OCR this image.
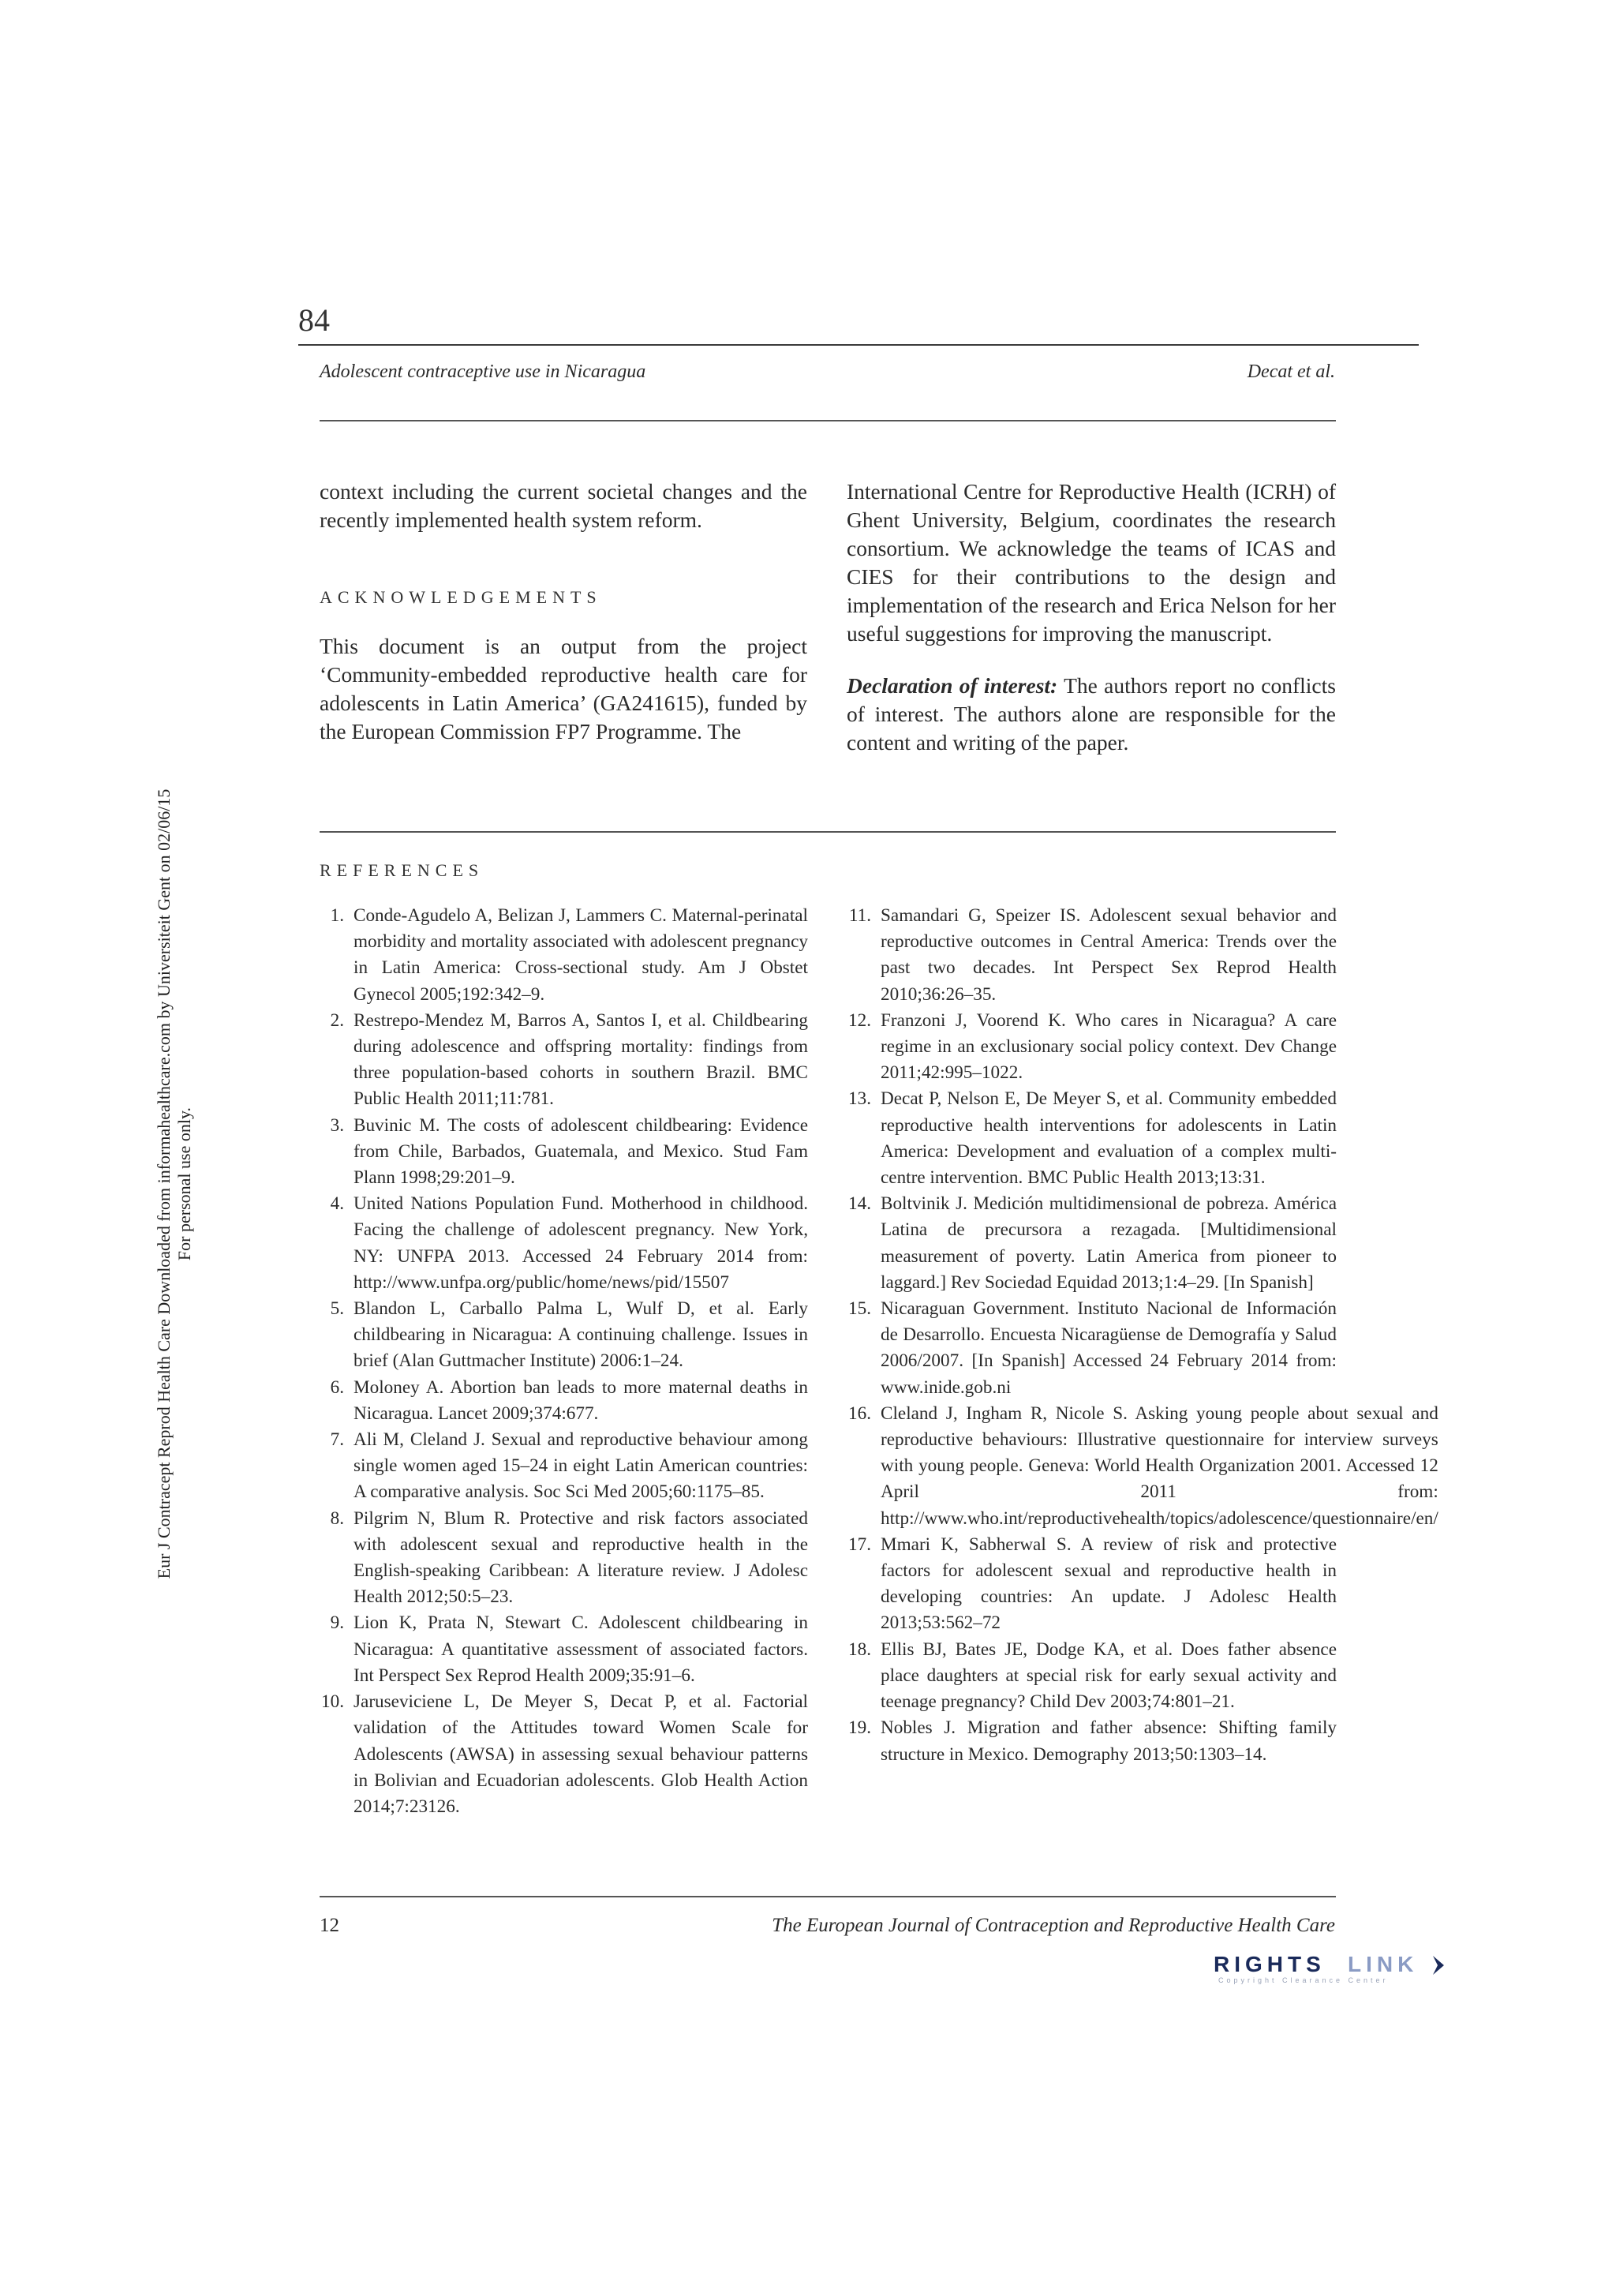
84
Adolescent contraceptive use in Nicaragua	Decat et al.
context including the current societal changes and the recently implemented health system reform.
ACKNOWLEDGEMENTS
This document is an output from the project ‘Community-embedded reproductive health care for adolescents in Latin America’ (GA241615), funded by the European Commission FP7 Programme. The
International Centre for Reproductive Health (ICRH) of Ghent University, Belgium, coordinates the research consortium. We acknowledge the teams of ICAS and CIES for their contributions to the design and implementation of the research and Erica Nelson for her useful suggestions for improving the manuscript.
Declaration of interest: The authors report no conflicts of interest. The authors alone are responsible for the content and writing of the paper.
REFERENCES
1. Conde-Agudelo A, Belizan J, Lammers C. Maternal-perinatal morbidity and mortality associated with adolescent pregnancy in Latin America: Cross-sectional study. Am J Obstet Gynecol 2005;192:342–9.
2. Restrepo-Mendez M, Barros A, Santos I, et al. Childbearing during adolescence and offspring mortality: findings from three population-based cohorts in southern Brazil. BMC Public Health 2011;11:781.
3. Buvinic M. The costs of adolescent childbearing: Evidence from Chile, Barbados, Guatemala, and Mexico. Stud Fam Plann 1998;29:201–9.
4. United Nations Population Fund. Motherhood in childhood. Facing the challenge of adolescent pregnancy. New York, NY: UNFPA 2013. Accessed 24 February 2014 from: http://www.unfpa.org/public/home/news/pid/15507
5. Blandon L, Carballo Palma L, Wulf D, et al. Early childbearing in Nicaragua: A continuing challenge. Issues in brief (Alan Guttmacher Institute) 2006:1–24.
6. Moloney A. Abortion ban leads to more maternal deaths in Nicaragua. Lancet 2009;374:677.
7. Ali M, Cleland J. Sexual and reproductive behaviour among single women aged 15–24 in eight Latin American countries: A comparative analysis. Soc Sci Med 2005;60:1175–85.
8. Pilgrim N, Blum R. Protective and risk factors associated with adolescent sexual and reproductive health in the English-speaking Caribbean: A literature review. J Adolesc Health 2012;50:5–23.
9. Lion K, Prata N, Stewart C. Adolescent childbearing in Nicaragua: A quantitative assessment of associated factors. Int Perspect Sex Reprod Health 2009;35:91–6.
10. Jaruseviciene L, De Meyer S, Decat P, et al. Factorial validation of the Attitudes toward Women Scale for Adolescents (AWSA) in assessing sexual behaviour patterns in Bolivian and Ecuadorian adolescents. Glob Health Action 2014;7:23126.
11. Samandari G, Speizer IS. Adolescent sexual behavior and reproductive outcomes in Central America: Trends over the past two decades. Int Perspect Sex Reprod Health 2010;36:26–35.
12. Franzoni J, Voorend K. Who cares in Nicaragua? A care regime in an exclusionary social policy context. Dev Change 2011;42:995–1022.
13. Decat P, Nelson E, De Meyer S, et al. Community embedded reproductive health interventions for adolescents in Latin America: Development and evaluation of a complex multi-centre intervention. BMC Public Health 2013;13:31.
14. Boltvinik J. Medición multidimensional de pobreza. América Latina de precursora a rezagada. [Multidimensional measurement of poverty. Latin America from pioneer to laggard.] Rev Sociedad Equidad 2013;1:4–29. [In Spanish]
15. Nicaraguan Government. Instituto Nacional de Información de Desarrollo. Encuesta Nicaragüense de Demografía y Salud 2006/2007. [In Spanish] Accessed 24 February 2014 from: www.inide.gob.ni
16. Cleland J, Ingham R, Nicole S. Asking young people about sexual and reproductive behaviours: Illustrative questionnaire for interview surveys with young people. Geneva: World Health Organization 2001. Accessed 12 April 2011 from: http://www.who.int/reproductivehealth/topics/adolescence/questionnaire/en/
17. Mmari K, Sabherwal S. A review of risk and protective factors for adolescent sexual and reproductive health in developing countries: An update. J Adolesc Health 2013;53:562–72
18. Ellis BJ, Bates JE, Dodge KA, et al. Does father absence place daughters at special risk for early sexual activity and teenage pregnancy? Child Dev 2003;74:801–21.
19. Nobles J. Migration and father absence: Shifting family structure in Mexico. Demography 2013;50:1303–14.
12	The European Journal of Contraception and Reproductive Health Care
RIGHTS LINK
Copyright Clearance Center
Eur J Contracept Reprod Health Care Downloaded from informahealthcare.com by Universiteit Gent on 02/06/15 For personal use only.
